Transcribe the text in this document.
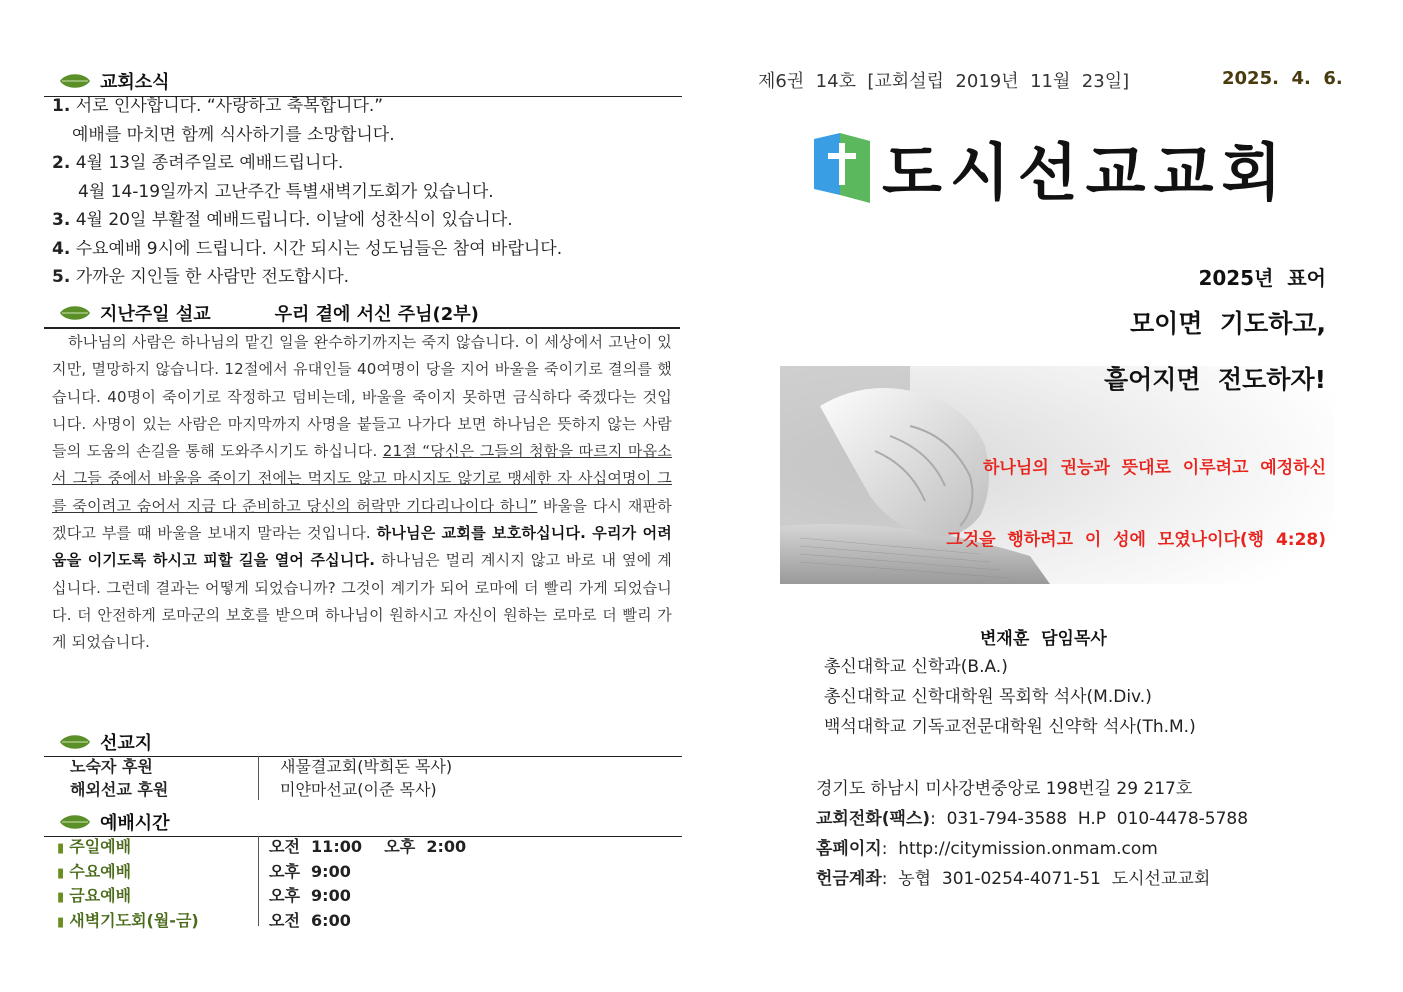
교회소식
1. 서로 인사합니다. “사랑하고 축복합니다.”
예배를 마치면 함께 식사하기를 소망합니다.
2. 4월 13일 종려주일로 예배드립니다.
4월 14-19일까지 고난주간 특별새벽기도회가 있습니다.
3. 4월 20일 부활절 예배드립니다. 이날에 성찬식이 있습니다.
4. 수요예배 9시에 드립니다. 시간 되시는 성도님들은 참여 바랍니다.
5. 가까운 지인들 한 사람만 전도합시다.
지난주일 설교	우리 곁에 서신 주님(2부)
하나님의 사람은 하나님의 맡긴 일을 완수하기까지는 죽지 않습니다. 이 세상에서 고난이 있지만, 멸망하지 않습니다. 12절에서 유대인들 40여명이 당을 지어 바울을 죽이기로 결의를 했습니다. 40명이 죽이기로 작정하고 덤비는데, 바울을 죽이지 못하면 금식하다 죽겠다는 것입니다. 사명이 있는 사람은 마지막까지 사명을 붙들고 나가다 보면 하나님은 뜻하지 않는 사람들의 도움의 손길을 통해 도와주시기도 하십니다. 21절 “당신은 그들의 청함을 따르지 마옵소서 그들 중에서 바울을 죽이기 전에는 먹지도 않고 마시지도 않기로 맹세한 자 사십여명이 그를 죽이려고 숨어서 지금 다 준비하고 당신의 허락만 기다리나이다 하니” 바울을 다시 재판하겠다고 부를 때 바울을 보내지 말라는 것입니다. 하나님은 교회를 보호하십니다. 우리가 어려움을 이기도록 하시고 피할 길을 열어 주십니다. 하나님은 멀리 계시지 않고 바로 내 옆에 계십니다. 그런데 결과는 어떻게 되었습니까? 그것이 계기가 되어 로마에 더 빨리 가게 되었습니다. 더 안전하게 로마군의 보호를 받으며 하나님이 원하시고 자신이 원하는 로마로 더 빨리 가게 되었습니다.
선교지
노숙자 후원	새물결교회(박희돈 목사)
해외선교 후원	미얀마선교(이준 목사)
예배시간
▮ 주일예배	오전  11:00    오후  2:00
▮ 수요예배	오후  9:00
▮ 금요예배	오후  9:00
▮ 새벽기도회(월-금)	오전  6:00
제6권  14호  [교회설립  2019년  11월  23일]	2025.  4.  6.
도시선교교회
2025년  표어
모이면  기도하고,
흩어지면  전도하자!

하나님의  권능과  뜻대로  이루려고  예정하신

그것을  행하려고  이  성에  모였나이다(행  4:28)

변재훈  담임목사
총신대학교 신학과(B.A.)
총신대학교 신학대학원 목회학 석사(M.Div.)
백석대학교 기독교전문대학원 신약학 석사(Th.M.)
경기도 하남시 미사강변중앙로 198번길 29 217호
교회전화(팩스):  031-794-3588  H.P  010-4478-5788
홈페이지:  http://citymission.onmam.com
헌금계좌:  농협  301-0254-4071-51  도시선교교회
